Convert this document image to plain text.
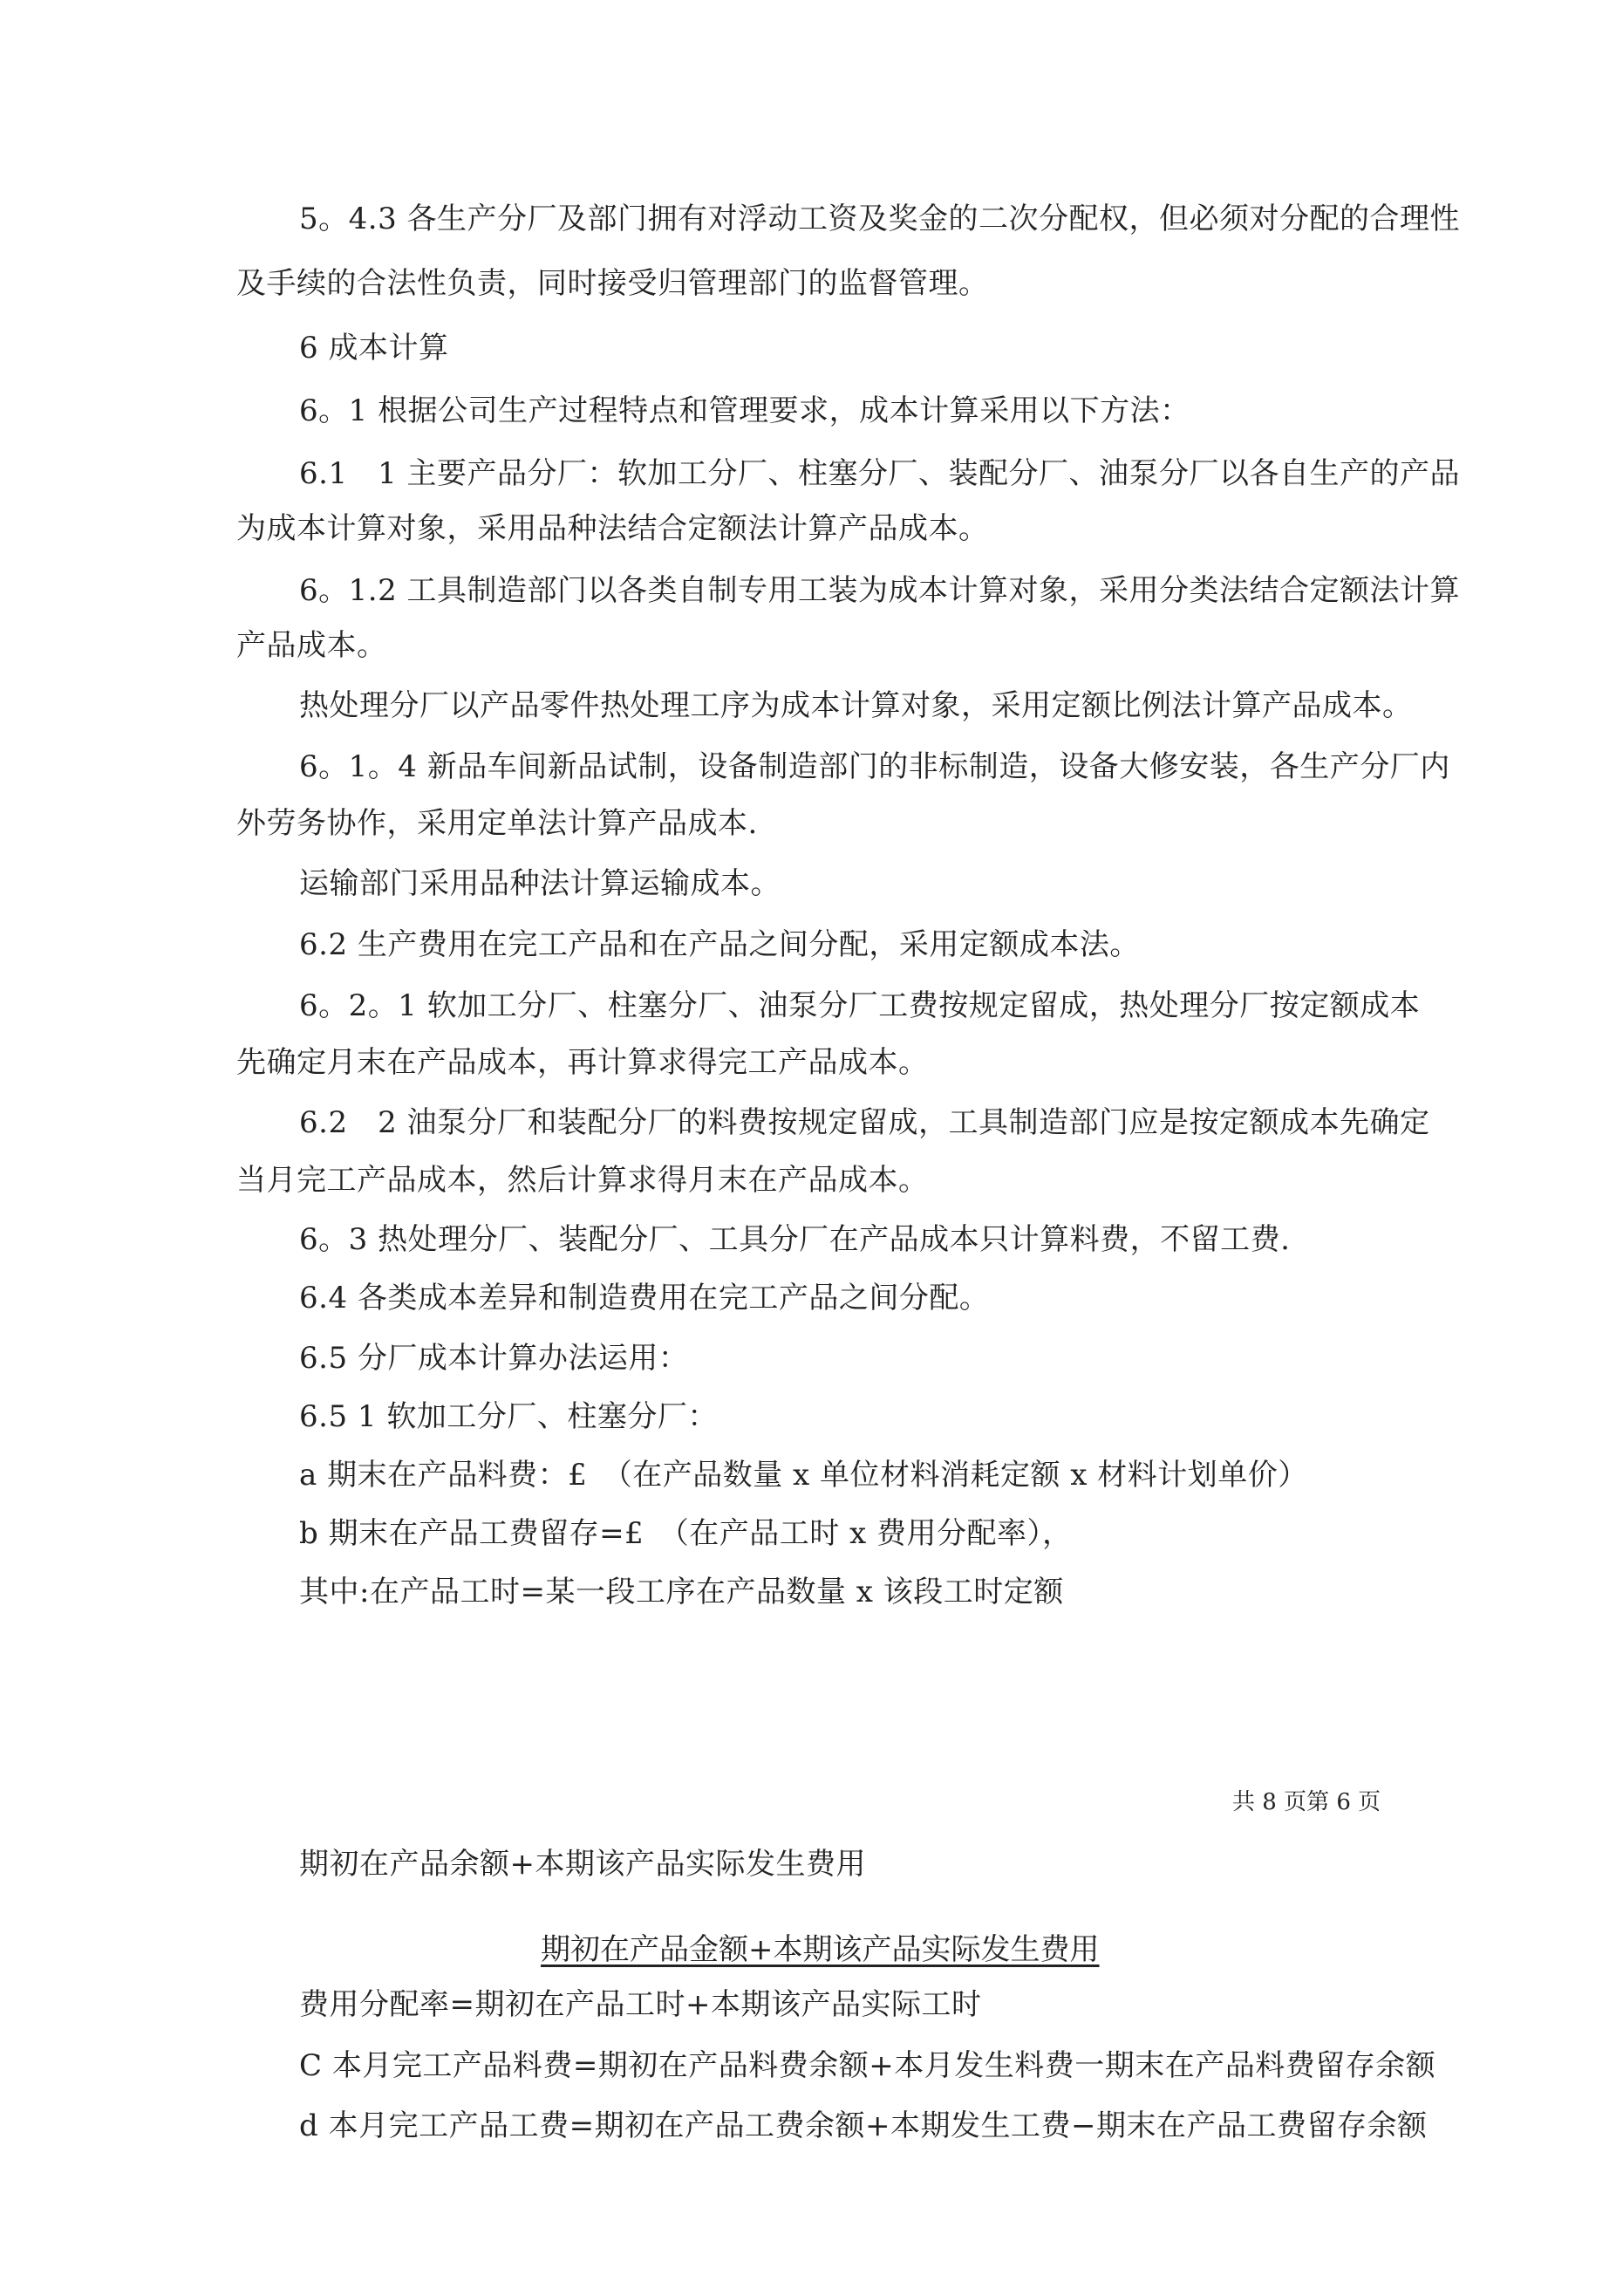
5。4.3 各生产分厂及部门拥有对浮动工资及奖金的二次分配权，但必须对分配的合理性
及手续的合法性负责，同时接受归管理部门的监督管理。
6 成本计算
6。1 根据公司生产过程特点和管理要求，成本计算采用以下方法：
6.1　1 主要产品分厂：软加工分厂、柱塞分厂、装配分厂、油泵分厂以各自生产的产品
为成本计算对象，采用品种法结合定额法计算产品成本。
6。1.2 工具制造部门以各类自制专用工装为成本计算对象，采用分类法结合定额法计算
产品成本。
热处理分厂以产品零件热处理工序为成本计算对象，采用定额比例法计算产品成本。
6。1。4 新品车间新品试制，设备制造部门的非标制造，设备大修安装，各生产分厂内
外劳务协作，采用定单法计算产品成本.
运输部门采用品种法计算运输成本。
6.2 生产费用在完工产品和在产品之间分配，采用定额成本法。
6。2。1 软加工分厂、柱塞分厂、油泵分厂工费按规定留成，热处理分厂按定额成本
先确定月末在产品成本，再计算求得完工产品成本。
6.2　2 油泵分厂和装配分厂的料费按规定留成，工具制造部门应是按定额成本先确定
当月完工产品成本，然后计算求得月末在产品成本。
6。3 热处理分厂、装配分厂、工具分厂在产品成本只计算料费，不留工费.
6.4 各类成本差异和制造费用在完工产品之间分配。
6.5 分厂成本计算办法运用：
6.5 1 软加工分厂、柱塞分厂：
a 期末在产品料费：£　（在产品数量 x 单位材料消耗定额 x 材料计划单价）
b 期末在产品工费留存=£　（在产品工时 x 费用分配率），
其中:在产品工时=某一段工序在产品数量 x 该段工时定额
共 8 页第 6 页
期初在产品余额+本期该产品实际发生费用
期初在产品金额+本期该产品实际发生费用
费用分配率=期初在产品工时+本期该产品实际工时
C 本月完工产品料费=期初在产品料费余额+本月发生料费一期末在产品料费留存余额
d 本月完工产品工费=期初在产品工费余额+本期发生工费−期末在产品工费留存余额
